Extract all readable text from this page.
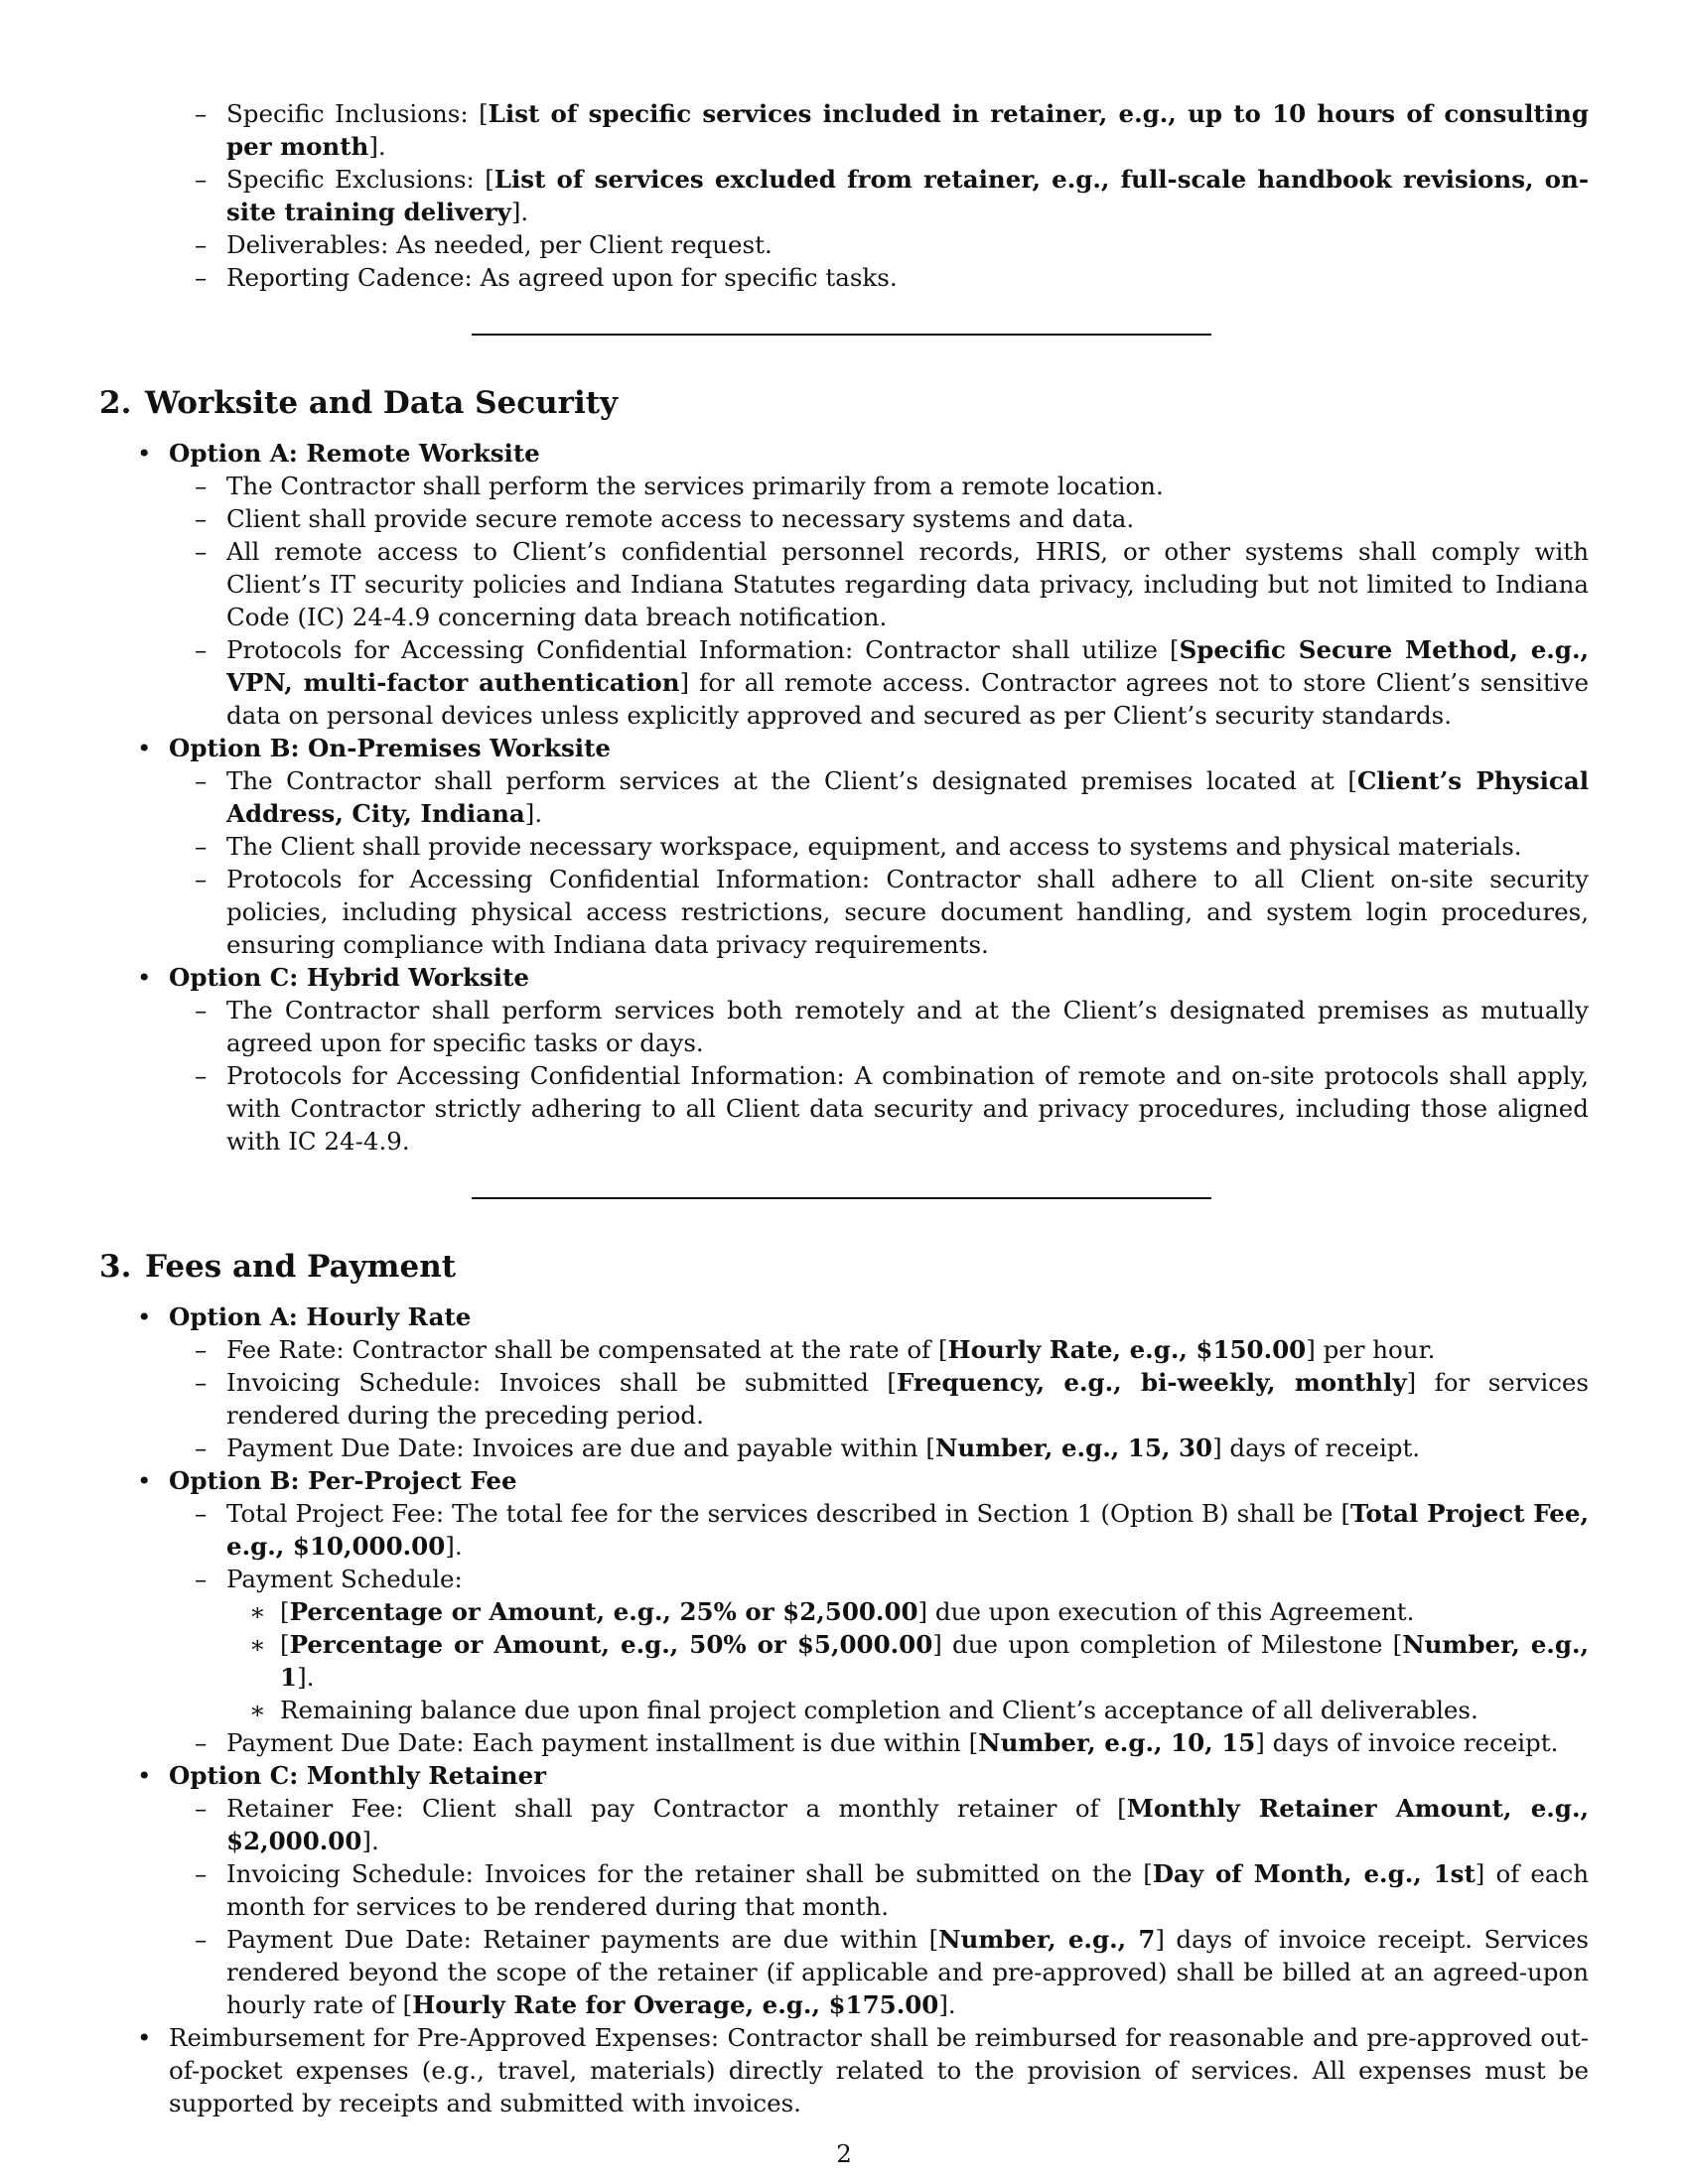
– Specific Inclusions: [List of specific services included in retainer, e.g., up to 10 hours of consulting per month].
– Specific Exclusions: [List of services excluded from retainer, e.g., full-scale handbook revisions, on-site training delivery].
– Deliverables: As needed, per Client request.
– Reporting Cadence: As agreed upon for specific tasks.
2. Worksite and Data Security
• Option A: Remote Worksite
– The Contractor shall perform the services primarily from a remote location.
– Client shall provide secure remote access to necessary systems and data.
– All remote access to Client’s confidential personnel records, HRIS, or other systems shall comply with Client’s IT security policies and Indiana Statutes regarding data privacy, including but not limited to Indiana Code (IC) 24-4.9 concerning data breach notification.
– Protocols for Accessing Confidential Information: Contractor shall utilize [Specific Secure Method, e.g., VPN, multi-factor authentication] for all remote access. Contractor agrees not to store Client’s sensitive data on personal devices unless explicitly approved and secured as per Client’s security standards.
• Option B: On-Premises Worksite
– The Contractor shall perform services at the Client’s designated premises located at [Client’s Physical Address, City, Indiana].
– The Client shall provide necessary workspace, equipment, and access to systems and physical materials.
– Protocols for Accessing Confidential Information: Contractor shall adhere to all Client on-site security policies, including physical access restrictions, secure document handling, and system login procedures, ensuring compliance with Indiana data privacy requirements.
• Option C: Hybrid Worksite
– The Contractor shall perform services both remotely and at the Client’s designated premises as mutually agreed upon for specific tasks or days.
– Protocols for Accessing Confidential Information: A combination of remote and on-site protocols shall apply, with Contractor strictly adhering to all Client data security and privacy procedures, including those aligned with IC 24-4.9.
3. Fees and Payment
• Option A: Hourly Rate
– Fee Rate: Contractor shall be compensated at the rate of [Hourly Rate, e.g., $150.00] per hour.
– Invoicing Schedule: Invoices shall be submitted [Frequency, e.g., bi-weekly, monthly] for services rendered during the preceding period.
– Payment Due Date: Invoices are due and payable within [Number, e.g., 15, 30] days of receipt.
• Option B: Per-Project Fee
– Total Project Fee: The total fee for the services described in Section 1 (Option B) shall be [Total Project Fee, e.g., $10,000.00].
– Payment Schedule:
∗ [Percentage or Amount, e.g., 25% or $2,500.00] due upon execution of this Agreement.
∗ [Percentage or Amount, e.g., 50% or $5,000.00] due upon completion of Milestone [Number, e.g., 1].
∗ Remaining balance due upon final project completion and Client’s acceptance of all deliverables.
– Payment Due Date: Each payment installment is due within [Number, e.g., 10, 15] days of invoice receipt.
• Option C: Monthly Retainer
– Retainer Fee: Client shall pay Contractor a monthly retainer of [Monthly Retainer Amount, e.g., $2,000.00].
– Invoicing Schedule: Invoices for the retainer shall be submitted on the [Day of Month, e.g., 1st] of each month for services to be rendered during that month.
– Payment Due Date: Retainer payments are due within [Number, e.g., 7] days of invoice receipt. Services rendered beyond the scope of the retainer (if applicable and pre-approved) shall be billed at an agreed-upon hourly rate of [Hourly Rate for Overage, e.g., $175.00].
• Reimbursement for Pre-Approved Expenses: Contractor shall be reimbursed for reasonable and pre-approved out-of-pocket expenses (e.g., travel, materials) directly related to the provision of services. All expenses must be supported by receipts and submitted with invoices.
2
